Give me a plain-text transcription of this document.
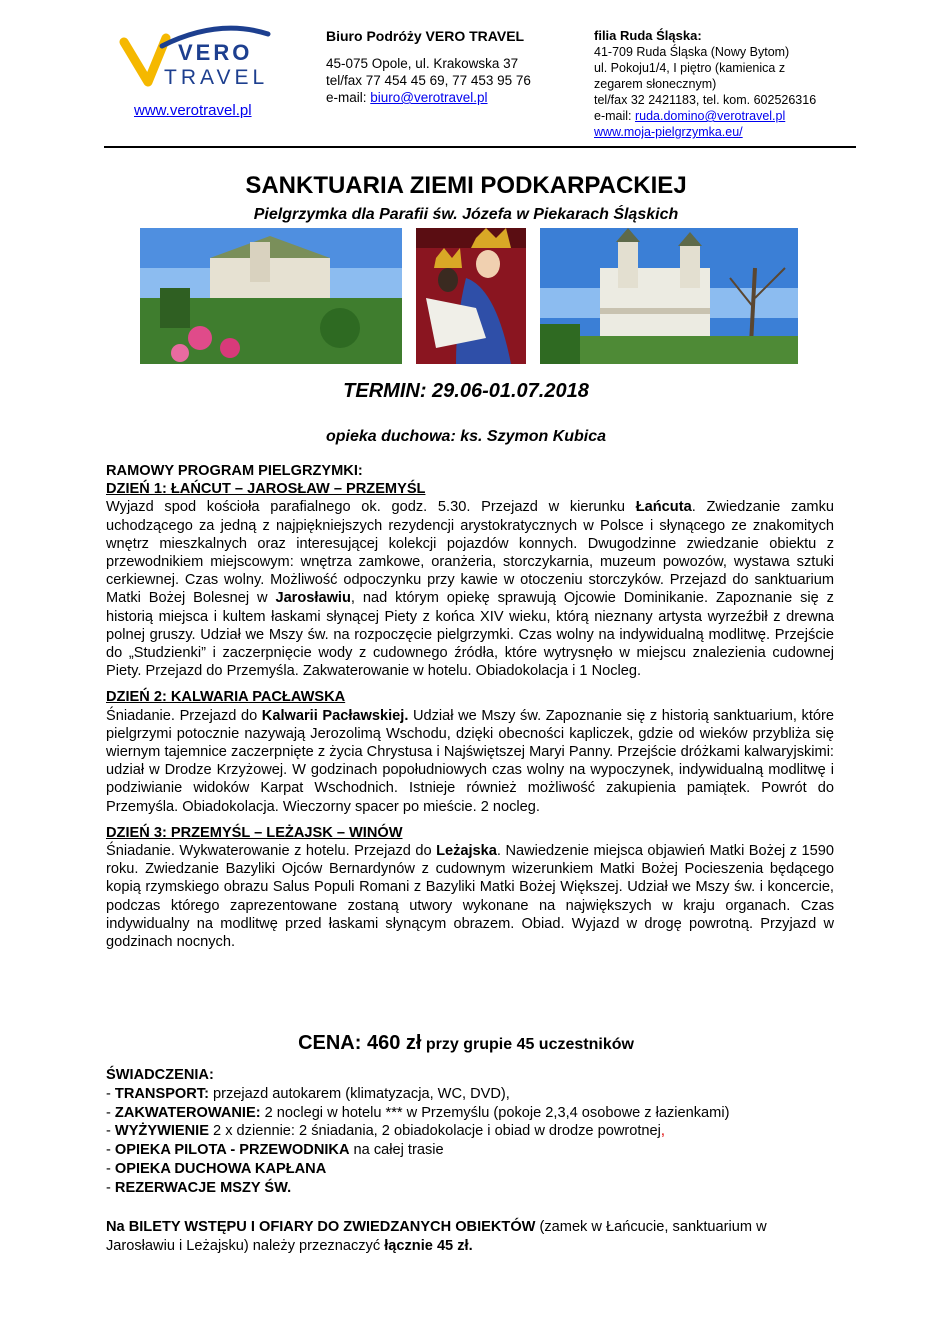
VERO
TRAVEL
www.verotravel.pl
Biuro Podróży VERO TRAVEL
45-075 Opole, ul. Krakowska 37
tel/fax 77 454 45 69, 77 453 95 76
e-mail: biuro@verotravel.pl
filia Ruda Śląska:
41-709 Ruda Śląska (Nowy Bytom)
ul. Pokoju1/4, I piętro (kamienica z
zegarem słonecznym)
tel/fax 32 2421183, tel. kom. 602526316
e-mail: ruda.domino@verotravel.pl
www.moja-pielgrzymka.eu/
SANKTUARIA ZIEMI PODKARPACKIEJ
Pielgrzymka dla Parafii św. Józefa w Piekarach Śląskich
TERMIN: 29.06-01.07.2018
opieka duchowa: ks. Szymon Kubica
RAMOWY PROGRAM PIELGRZYMKI:
DZIEŃ 1: ŁAŃCUT – JAROSŁAW – PRZEMYŚL

Wyjazd spod kościoła parafialnego ok. godz. 5.30. Przejazd w kierunku Łańcuta. Zwiedzanie zamku uchodzącego za jedną z najpiękniejszych rezydencji arystokratycznych w Polsce i słynącego ze znakomitych wnętrz mieszkalnych oraz interesującej kolekcji pojazdów konnych. Dwugodzinne zwiedzanie obiektu z przewodnikiem miejscowym: wnętrza zamkowe, oranżeria, storczykarnia, muzeum powozów, wystawa sztuki cerkiewnej. Czas wolny. Możliwość odpoczynku przy kawie w otoczeniu storczyków. Przejazd do sanktuarium Matki Bożej Bolesnej w Jarosławiu, nad którym opiekę sprawują Ojcowie Dominikanie. Zapoznanie się z historią miejsca i kultem łaskami słynącej Piety z końca XIV wieku, którą nieznany artysta wyrzeźbił z drewna polnej gruszy. Udział we Mszy św. na rozpoczęcie pielgrzymki. Czas wolny na indywidualną modlitwę. Przejście do „Studzienki” i zaczerpnięcie wody z cudownego źródła, które wytrysnęło w miejscu znalezienia cudownej Piety. Przejazd do Przemyśla. Zakwaterowanie w hotelu. Obiadokolacja i 1 Nocleg.

DZIEŃ 2: KALWARIA PACŁAWSKA

Śniadanie. Przejazd do Kalwarii Pacławskiej. Udział we Mszy św. Zapoznanie się z historią sanktuarium, które pielgrzymi potocznie nazywają Jerozolimą Wschodu, dzięki obecności kapliczek, gdzie od wieków przybliża się wiernym tajemnice zaczerpnięte z życia Chrystusa i Najświętszej Maryi Panny. Przejście dróżkami kalwaryjskimi: udział w Drodze Krzyżowej. W godzinach popołudniowych czas wolny na wypoczynek, indywidualną modlitwę i podziwianie widoków Karpat Wschodnich. Istnieje również możliwość zakupienia pamiątek. Powrót do Przemyśla. Obiadokolacja. Wieczorny spacer po mieście. 2 nocleg.

DZIEŃ 3: PRZEMYŚL – LEŻAJSK – WINÓW

Śniadanie. Wykwaterowanie z hotelu. Przejazd do Leżajska. Nawiedzenie miejsca objawień Matki Bożej z 1590 roku. Zwiedzanie Bazyliki Ojców Bernardynów z cudownym wizerunkiem Matki Bożej Pocieszenia będącego kopią rzymskiego obrazu Salus Populi Romani z Bazyliki Matki Bożej Większej. Udział we Mszy św. i koncercie, podczas którego zaprezentowane zostaną utwory wykonane na największych w kraju organach. Czas indywidualny na modlitwę przed łaskami słynącym obrazem. Obiad. Wyjazd w drogę powrotną. Przyjazd w godzinach nocnych.

CENA: 460 zł przy grupie 45 uczestników
ŚWIADCZENIA:
- TRANSPORT: przejazd autokarem (klimatyzacja, WC, DVD),
- ZAKWATEROWANIE: 2 noclegi w hotelu *** w Przemyślu (pokoje 2,3,4 osobowe z łazienkami)
- WYŻYWIENIE 2 x dziennie: 2 śniadania, 2 obiadokolacje i obiad w drodze powrotnej,
- OPIEKA PILOTA - PRZEWODNIKA na całej trasie
- OPIEKA DUCHOWA KAPŁANA
- REZERWACJE MSZY ŚW.
Na BILETY WSTĘPU I OFIARY DO ZWIEDZANYCH OBIEKTÓW (zamek w Łańcucie, sanktuarium w Jarosławiu i Leżajsku) należy przeznaczyć łącznie 45 zł.
